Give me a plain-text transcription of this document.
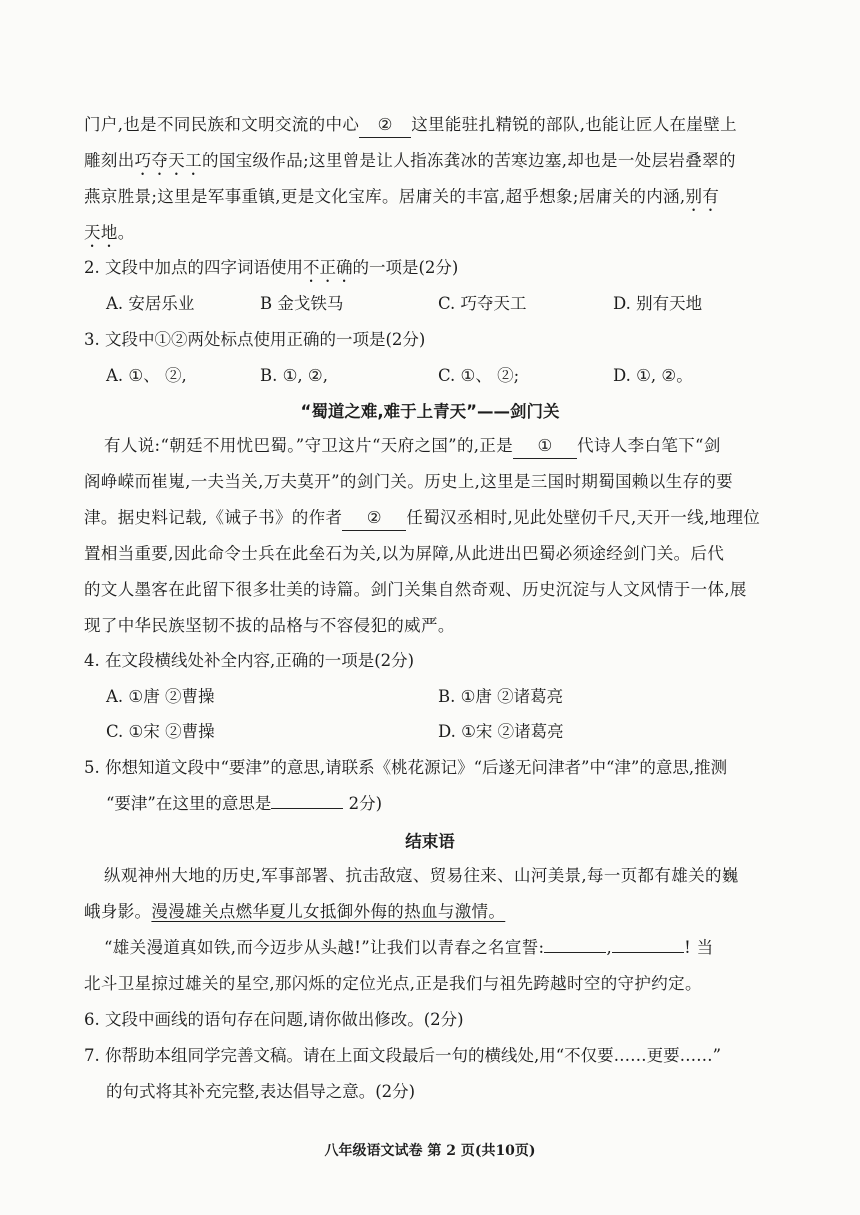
门户,也是不同民族和文明交流的中心 ② 这里能驻扎精锐的部队,也能让匠人在崖壁上
雕刻出巧夺天工的国宝级作品;这里曾是让人指冻龚冰的苦寒边塞,却也是一处层岩叠翠的
燕京胜景;这里是军事重镇,更是文化宝库。居庸关的丰富,超乎想象;居庸关的内涵,别有
天地。
2. 文段中加点的四字词语使用不正确的一项是(2分)
A. 安居乐业	B 金戈铁马	C. 巧夺天工	D. 别有天地
3. 文段中①②两处标点使用正确的一项是(2分)
A. ①、 ②,	B. ①, ②,	C. ①、 ②;	D. ①, ②。
“蜀道之难,难于上青天”——剑门关
有人说:“朝廷不用忧巴蜀。”守卫这片“天府之国”的,正是 ① 代诗人李白笔下“剑
阁峥嵘而崔嵬,一夫当关,万夫莫开”的剑门关。历史上,这里是三国时期蜀国赖以生存的要
津。据史料记载,《诫子书》的作者 ② 任蜀汉丞相时,见此处壁仞千尺,天开一线,地理位
置相当重要,因此命令士兵在此垒石为关,以为屏障,从此进出巴蜀必须途经剑门关。后代
的文人墨客在此留下很多壮美的诗篇。剑门关集自然奇观、历史沉淀与人文风情于一体,展
现了中华民族坚韧不拔的品格与不容侵犯的威严。
4. 在文段横线处补全内容,正确的一项是(2分)
A. ①唐 ②曹操	B. ①唐 ②诸葛亮
C. ①宋 ②曹操	D. ①宋 ②诸葛亮
5. 你想知道文段中“要津”的意思,请联系《桃花源记》“后遂无问津者”中“津”的意思,推测
“要津”在这里的意思是	2分)
结束语
纵观神州大地的历史,军事部署、抗击敌寇、贸易往来、山河美景,每一页都有雄关的巍
峨身影。漫漫雄关点燃华夏儿女抵御外侮的热血与激情。
“雄关漫道真如铁,而今迈步从头越!”让我们以青春之名宣誓:	,	! 当
北斗卫星掠过雄关的星空,那闪烁的定位光点,正是我们与祖先跨越时空的守护约定。
6. 文段中画线的语句存在问题,请你做出修改。(2分)
7. 你帮助本组同学完善文稿。请在上面文段最后一句的横线处,用“不仅要……更要……”
的句式将其补充完整,表达倡导之意。(2分)
八年级语文试卷 第 2 页(共10页)
